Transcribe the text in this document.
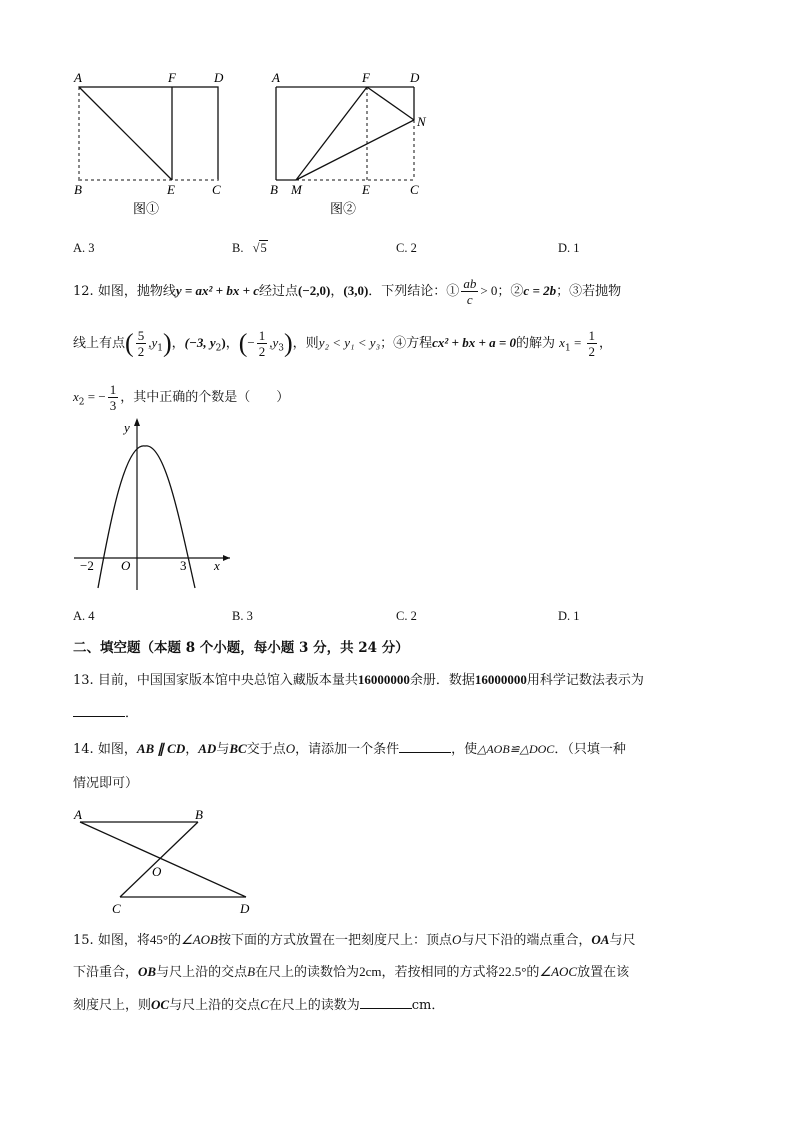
A	F	D
B	E	C
图①
A	F	D
N
B M	E	C
图②
A. 3	B. √5	C. 2	D. 1
12. 如图，抛物线y = ax² + bx + c经过点(−2,0)，(3,0)．下列结论：① $\frac{ab}{c} > 0$；②c = 2b；③若抛物
线上有点( $\frac{5}{2} ,y_1$)，(−3, $y_2$)，(− $\frac{1}{2} ,y_3$)，则y₂ < y₁ < y₃；④方程cx² + bx + a = 0的解为 $x_1 = \frac{1}{2}$ ，
$x_2$ = − $\frac{1}{3}$ ，其中正确的个数是（　　）
y
x
O
−2	3
A. 4	B. 3	C. 2	D. 1
二、填空题（本题 8 个小题，每小题 3 分，共 24 分）
13. 目前，中国国家版本馆中央总馆入藏版本量共16000000余册．数据16000000用科学记数法表示为
．
14. 如图，AB ∥ CD，AD与BC交于点O，请添加一个条件	，使△AOB≌△DOC．（只填一种
情况即可）
A	B
O
C	D
15. 如图，将45°的∠AOB按下面的方式放置在一把刻度尺上：顶点O与尺下沿的端点重合，OA与尺
下沿重合，OB与尺上沿的交点B在尺上的读数恰为2cm，若按相同的方式将22.5°的∠AOC放置在该
刻度尺上，则OC与尺上沿的交点C在尺上的读数为	cm．
